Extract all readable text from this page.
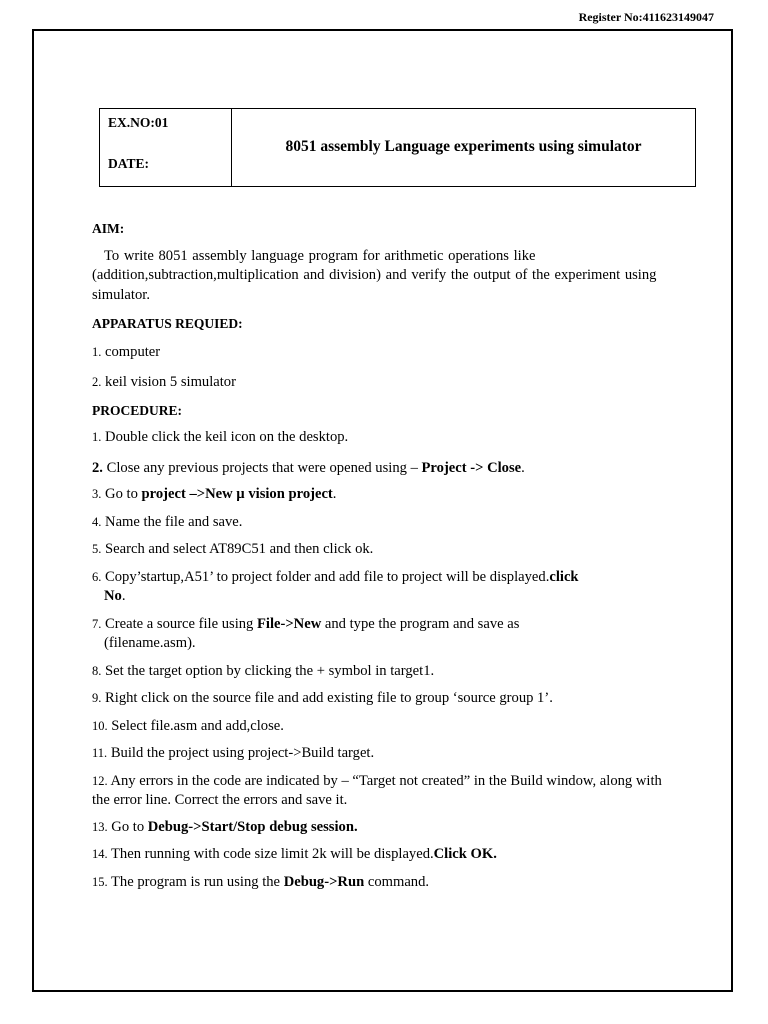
Register No:411623149047
EX.NO:01
DATE:
8051 assembly Language experiments using simulator
AIM:
To write 8051 assembly language program for arithmetic operations like (addition,subtraction,multiplication and division) and verify the output of the experiment using simulator.
APPARATUS REQUIED:
1. computer
2. keil vision 5 simulator
PROCEDURE:
1. Double click the keil icon on the desktop.
2. Close any previous projects that were opened using – Project -> Close.
3. Go to project –>New µ vision project.
4. Name the file and save.
5. Search and select AT89C51 and then click ok.
6. Copy’startup,A51’ to project folder and add file to project will be displayed.click
No.
7. Create a source file using File->New and type the program and save as
(filename.asm).
8. Set the target option by clicking the + symbol in target1.
9. Right click on the source file and add existing file to group ‘source group 1’.
10. Select file.asm and add,close.
11. Build the project using project->Build target.
12. Any errors in the code are indicated by – “Target not created” in the Build window, along with the error line. Correct the errors and save it.
13. Go to Debug->Start/Stop debug session.
14. Then running with code size limit 2k will be displayed.Click OK.
15. The program is run using the Debug->Run command.
